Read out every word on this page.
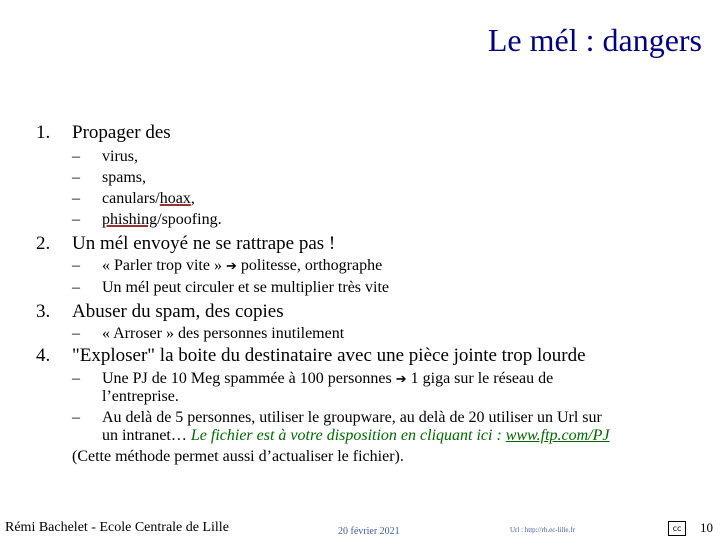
Le mél : dangers
1. Propager des
– virus,
– spams,
– canulars/hoax,
– phishing/spoofing.
2. Un mél envoyé ne se rattrape pas !
– « Parler trop vite » ➔ politesse, orthographe
– Un mél peut circuler et se multiplier très vite
3. Abuser du spam, des copies
– « Arroser » des personnes inutilement
4. "Exploser" la boite du destinataire avec une pièce jointe trop lourde
– Une PJ de 10 Meg spammée à 100 personnes ➔ 1 giga sur le réseau de
l’entreprise.
– Au delà de 5 personnes, utiliser le groupware, au delà de 20 utiliser un Url sur
un intranet… Le fichier est à votre disposition en cliquant ici : www.ftp.com/PJ
(Cette méthode permet aussi d’actualiser le fichier).
Rémi Bachelet - Ecole Centrale de Lille	20 février 2021	Url : http://rb.ec-lille.fr	cc	10
